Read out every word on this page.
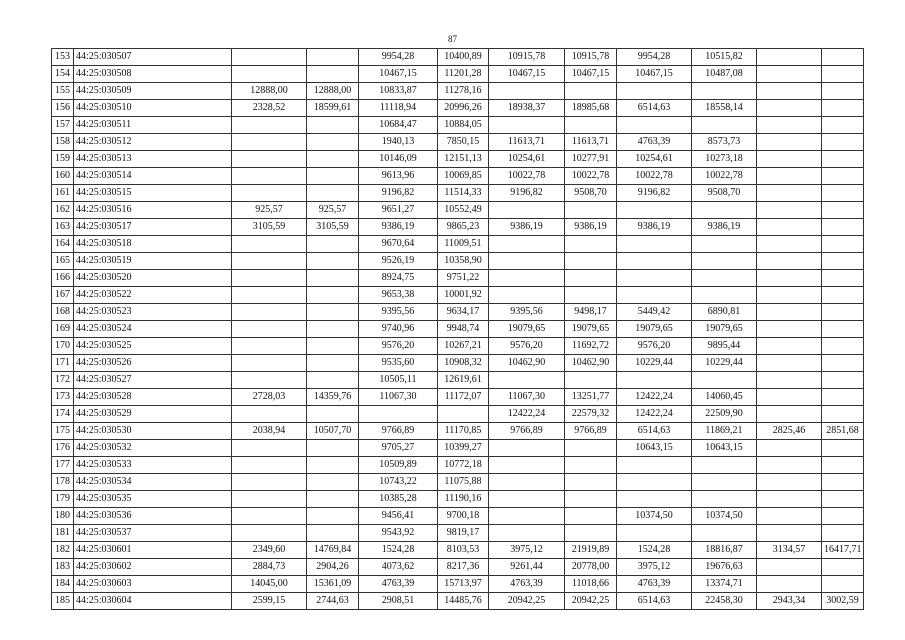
87
153	44:25:030507			9954,28	10400,89	10915,78	10915,78	9954,28	10515,82		
154	44:25:030508			10467,15	11201,28	10467,15	10467,15	10467,15	10487,08		
155	44:25:030509	12888,00	12888,00	10833,87	11278,16						
156	44:25:030510	2328,52	18599,61	11118,94	20996,26	18938,37	18985,68	6514,63	18558,14		
157	44:25:030511			10684,47	10884,05						
158	44:25:030512			1940,13	7850,15	11613,71	11613,71	4763,39	8573,73		
159	44:25:030513			10146,09	12151,13	10254,61	10277,91	10254,61	10273,18		
160	44:25:030514			9613,96	10069,85	10022,78	10022,78	10022,78	10022,78		
161	44:25:030515			9196,82	11514,33	9196,82	9508,70	9196,82	9508,70		
162	44:25:030516	925,57	925,57	9651,27	10552,49						
163	44:25:030517	3105,59	3105,59	9386,19	9865,23	9386,19	9386,19	9386,19	9386,19		
164	44:25:030518			9670,64	11009,51						
165	44:25:030519			9526,19	10358,90						
166	44:25:030520			8924,75	9751,22						
167	44:25:030522			9653,38	10001,92						
168	44:25:030523			9395,56	9634,17	9395,56	9498,17	5449,42	6890,81		
169	44:25:030524			9740,96	9948,74	19079,65	19079,65	19079,65	19079,65		
170	44:25:030525			9576,20	10267,21	9576,20	11692,72	9576,20	9895,44		
171	44:25:030526			9535,60	10908,32	10462,90	10462,90	10229,44	10229,44		
172	44:25:030527			10505,11	12619,61						
173	44:25:030528	2728,03	14359,76	11067,30	11172,07	11067,30	13251,77	12422,24	14060,45		
174	44:25:030529					12422,24	22579,32	12422,24	22509,90		
175	44:25:030530	2038,94	10507,70	9766,89	11170,85	9766,89	9766,89	6514,63	11869,21	2825,46	2851,68
176	44:25:030532			9705,27	10399,27			10643,15	10643,15		
177	44:25:030533			10509,89	10772,18						
178	44:25:030534			10743,22	11075,88						
179	44:25:030535			10385,28	11190,16						
180	44:25:030536			9456,41	9700,18			10374,50	10374,50		
181	44:25:030537			9543,92	9819,17						
182	44:25:030601	2349,60	14769,84	1524,28	8103,53	3975,12	21919,89	1524,28	18816,87	3134,57	16417,71
183	44:25:030602	2884,73	2904,26	4073,62	8217,36	9261,44	20778,00	3975,12	19676,63		
184	44:25:030603	14045,00	15361,09	4763,39	15713,97	4763,39	11018,66	4763,39	13374,71		
185	44:25:030604	2599,15	2744,63	2908,51	14485,76	20942,25	20942,25	6514,63	22458,30	2943,34	3002,59
